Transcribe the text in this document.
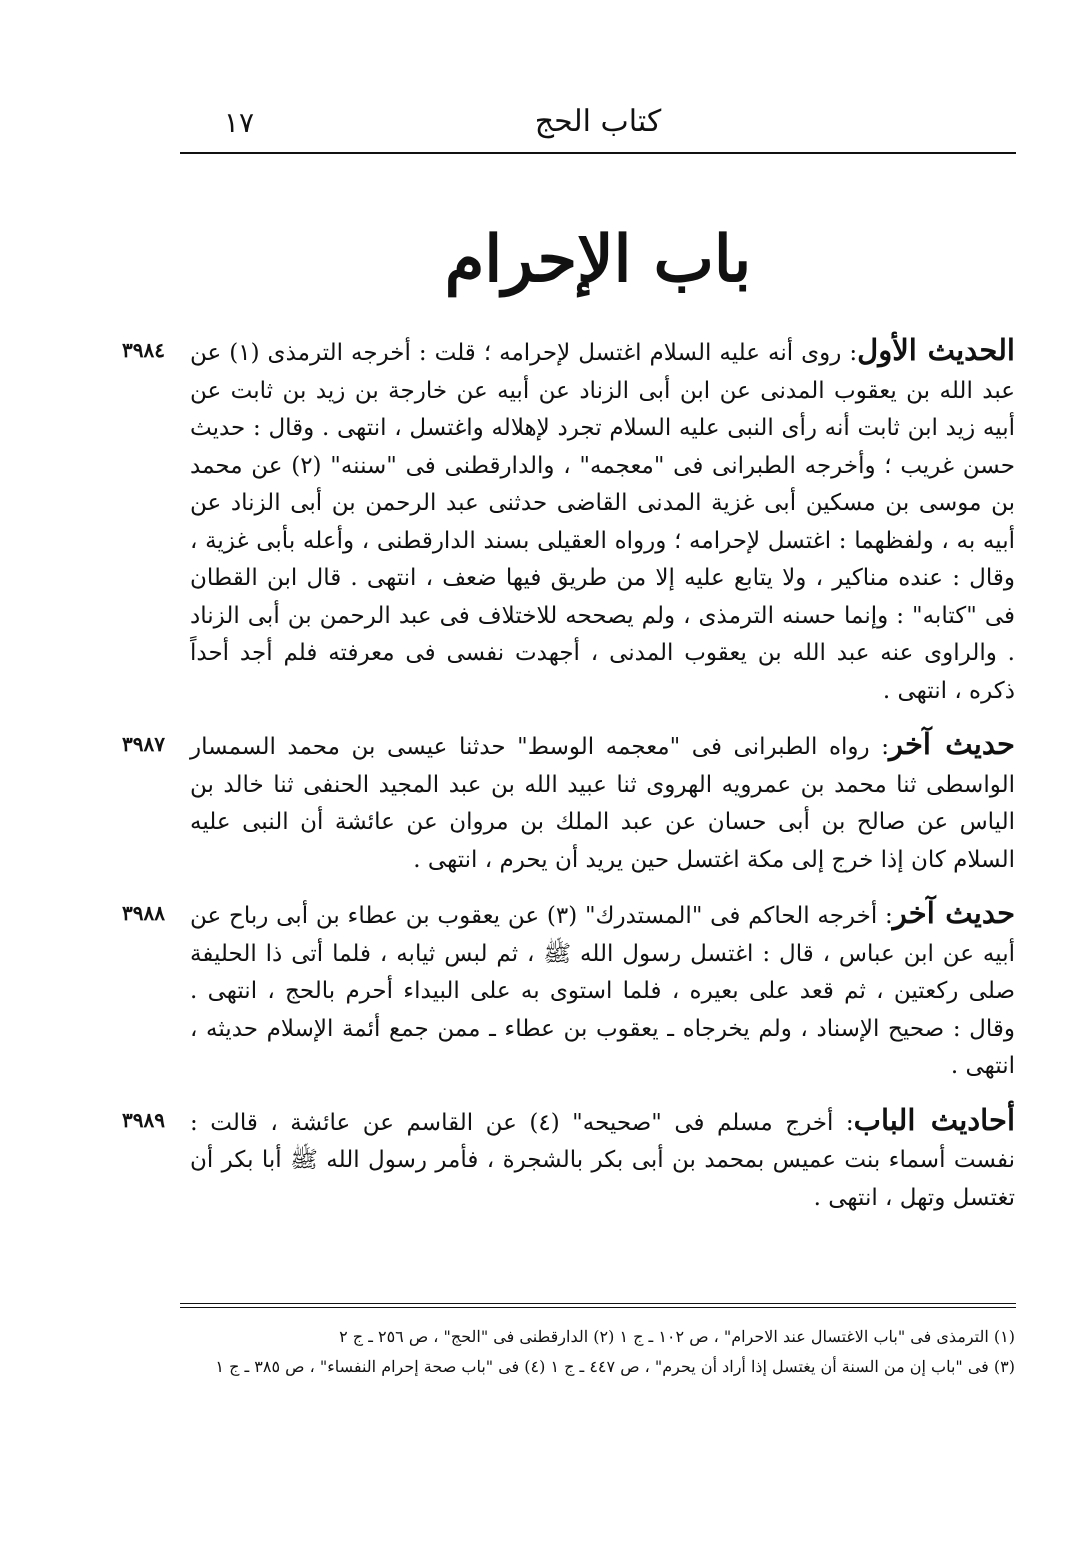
كتاب الحج
١٧
باب الإحرام
٣٩٨٤	الحديث الأول: روى أنه عليه السلام اغتسل لإحرامه ؛ قلت : أخرجه الترمذى (١) عن عبد الله بن يعقوب المدنى عن ابن أبى الزناد عن أبيه عن خارجة بن زيد بن ثابت عن أبيه زيد ابن ثابت أنه رأى النبى عليه السلام تجرد لإهلاله واغتسل ، انتهى . وقال : حديث حسن غريب ؛ وأخرجه الطبرانى فى "معجمه" ، والدارقطنى فى "سننه" (٢) عن محمد بن موسى بن مسكين أبى غزية المدنى القاضى حدثنى عبد الرحمن بن أبى الزناد عن أبيه به ، ولفظهما : اغتسل لإحرامه ؛ ورواه العقيلى بسند الدارقطنى ، وأعله بأبى غزية ، وقال : عنده مناكير ، ولا يتابع عليه إلا من طريق فيها ضعف ، انتهى . قال ابن القطان فى "كتابه" : وإنما حسنه الترمذى ، ولم يصححه للاختلاف فى عبد الرحمن بن أبى الزناد . والراوى عنه عبد الله بن يعقوب المدنى ، أجهدت نفسى فى معرفته فلم أجد أحداً ذكره ، انتهى .

٣٩٨٧	حديث آخر: رواه الطبرانى فى "معجمه الوسط" حدثنا عيسى بن محمد السمسار الواسطى ثنا محمد بن عمرويه الهروى ثنا عبيد الله بن عبد المجيد الحنفى ثنا خالد بن الياس عن صالح بن أبى حسان عن عبد الملك بن مروان عن عائشة أن النبى عليه السلام كان إذا خرج إلى مكة اغتسل حين يريد أن يحرم ، انتهى .

٣٩٨٨	حديث آخر: أخرجه الحاكم فى "المستدرك" (٣) عن يعقوب بن عطاء بن أبى رباح عن أبيه عن ابن عباس ، قال : اغتسل رسول الله ﷺ ، ثم لبس ثيابه ، فلما أتى ذا الحليفة صلى ركعتين ، ثم قعد على بعيره ، فلما استوى به على البيداء أحرم بالحج ، انتهى . وقال : صحيح الإسناد ، ولم يخرجاه ـ يعقوب بن عطاء ـ ممن جمع أئمة الإسلام حديثه ، انتهى .

٣٩٨٩	أحاديث الباب: أخرج مسلم فى "صحيحه" (٤) عن القاسم عن عائشة ، قالت : نفست أسماء بنت عميس بمحمد بن أبى بكر بالشجرة ، فأمر رسول الله ﷺ أبا بكر أن تغتسل وتهل ، انتهى .

(١) الترمذى فى "باب الاغتسال عند الاحرام" ، ص ١٠٢ ـ ج ١ (٢) الدارقطنى فى "الحج" ، ص ٢٥٦ ـ ج ٢

(٣) فى "باب إن من السنة أن يغتسل إذا أراد أن يحرم" ، ص ٤٤٧ ـ ج ١ (٤) فى "باب صحة إحرام النفساء" ، ص ٣٨٥ ـ ج ١
